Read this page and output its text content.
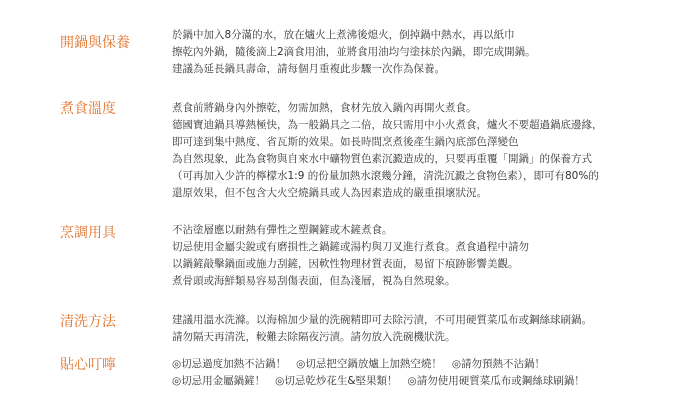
開鍋與保養	於鍋中加入8分滿的水，放在爐火上煮沸後熄火，倒掉鍋中熱水，再以紙巾
擦乾內外鍋，隨後滴上2滴食用油，並將食用油均勻塗抹於內鍋，即完成開鍋。
建議為延長鍋具壽命，請每個月重複此步驟一次作為保養。
煮食溫度	煮食前將鍋身內外擦乾，勿需加熱，食材先放入鍋內再開火煮食。
德國寶迪鍋具導熱極快，為一般鍋具之二倍，故只需用中小火煮食，爐火不要超過鍋底邊緣，
即可達到集中熱度、省瓦斯的效果。如長時間烹煮後產生鍋內底部色澤變色
為自然現象，此為食物與自來水中礦物質色素沉澱造成的，只要再重覆「開鍋」的保養方式
（可再加入少許的檸檬水1:9 的份量加熱水滾幾分鐘，清洗沉澱之食物色素），即可有80%的
還原效果，但不包含大火空燒鍋具或人為因素造成的嚴重損壞狀況。
烹調用具	不沾塗層應以耐熱有彈性之塑鋼鏟或木鏟煮食。
切忌使用金屬尖銳或有磨損性之鍋鏟或湯杓與刀叉進行煮食。煮食過程中請勿
以鍋鏟敲擊鍋面或施力刮鏟，因軟性物理材質表面，易留下痕跡影響美觀。
煮骨頭或海鮮類易容易刮傷表面，但為淺層，視為自然現象。
清洗方法	建議用溫水洗滌。以海棉加少量的洗碗精即可去除污漬，不可用硬質菜瓜布或鋼絲球刷鍋。
請勿隔天再清洗，較難去除隔夜污漬。請勿放入洗碗機狀洗。
貼心叮嚀	◎切忌過度加熱不沾鍋！ ◎切忌把空鍋放爐上加熱空燒！ ◎請勿預熱不沾鍋！
◎切忌用金屬鍋鏟！ ◎切忌乾炒花生&堅果類！ ◎請勿使用硬質菜瓜布或鋼絲球刷鍋！
